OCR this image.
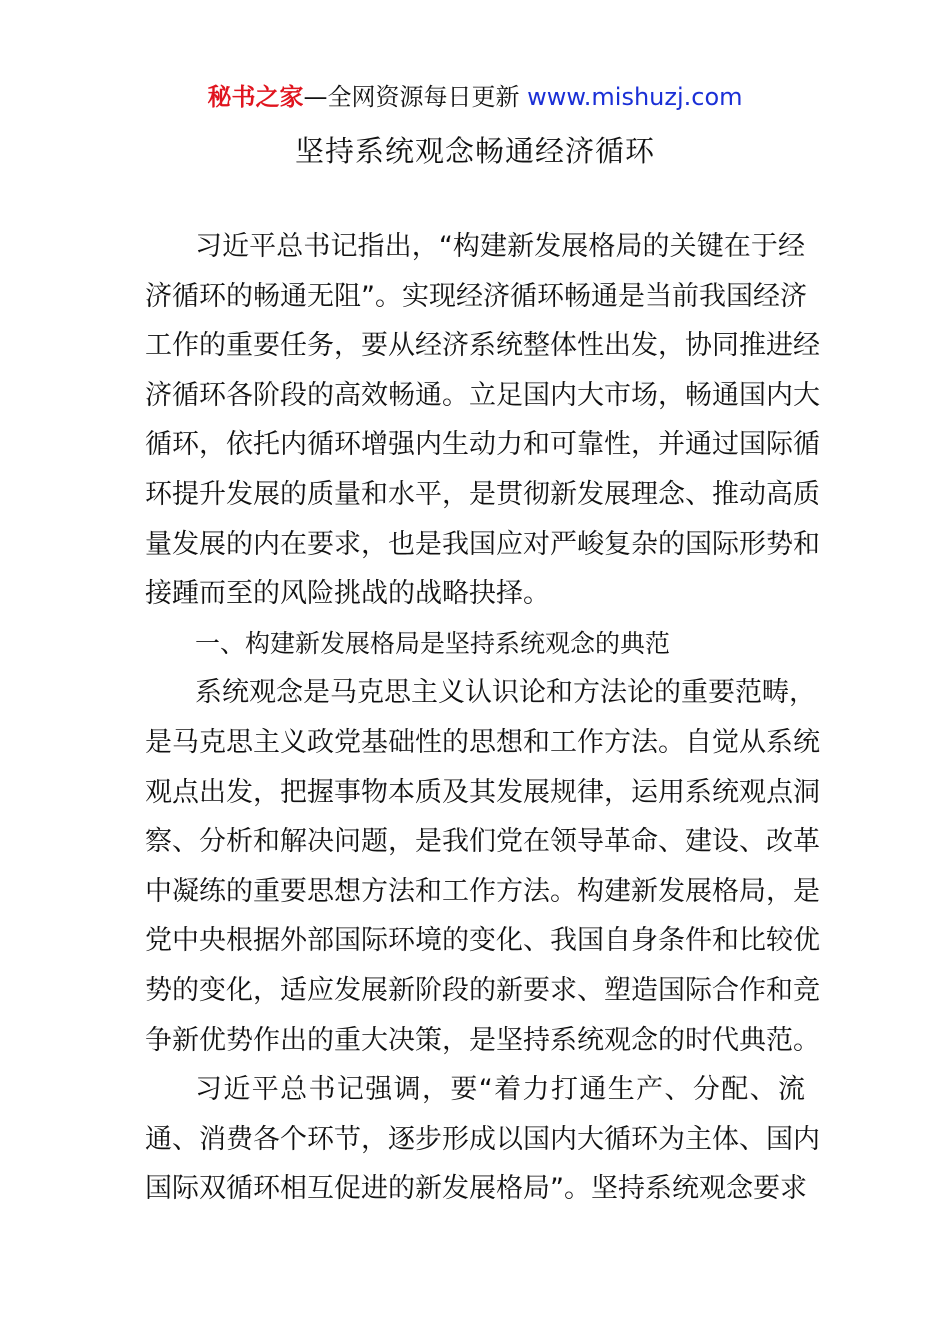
秘书之家—全网资源每日更新 www.mishuzj.com
坚持系统观念畅通经济循环
习近平总书记指出，“构建新发展格局的关键在于经
济循环的畅通无阻”。实现经济循环畅通是当前我国经济
工作的重要任务，要从经济系统整体性出发，协同推进经
济循环各阶段的高效畅通。立足国内大市场，畅通国内大
循环，依托内循环增强内生动力和可靠性，并通过国际循
环提升发展的质量和水平，是贯彻新发展理念、推动高质
量发展的内在要求，也是我国应对严峻复杂的国际形势和
接踵而至的风险挑战的战略抉择。
一、构建新发展格局是坚持系统观念的典范
系统观念是马克思主义认识论和方法论的重要范畴，
是马克思主义政党基础性的思想和工作方法。自觉从系统
观点出发，把握事物本质及其发展规律，运用系统观点洞
察、分析和解决问题，是我们党在领导革命、建设、改革
中凝练的重要思想方法和工作方法。构建新发展格局，是
党中央根据外部国际环境的变化、我国自身条件和比较优
势的变化，适应发展新阶段的新要求、塑造国际合作和竞
争新优势作出的重大决策，是坚持系统观念的时代典范。
习近平总书记强调，要“着力打通生产、分配、流
通、消费各个环节，逐步形成以国内大循环为主体、国内
国际双循环相互促进的新发展格局”。坚持系统观念要求
